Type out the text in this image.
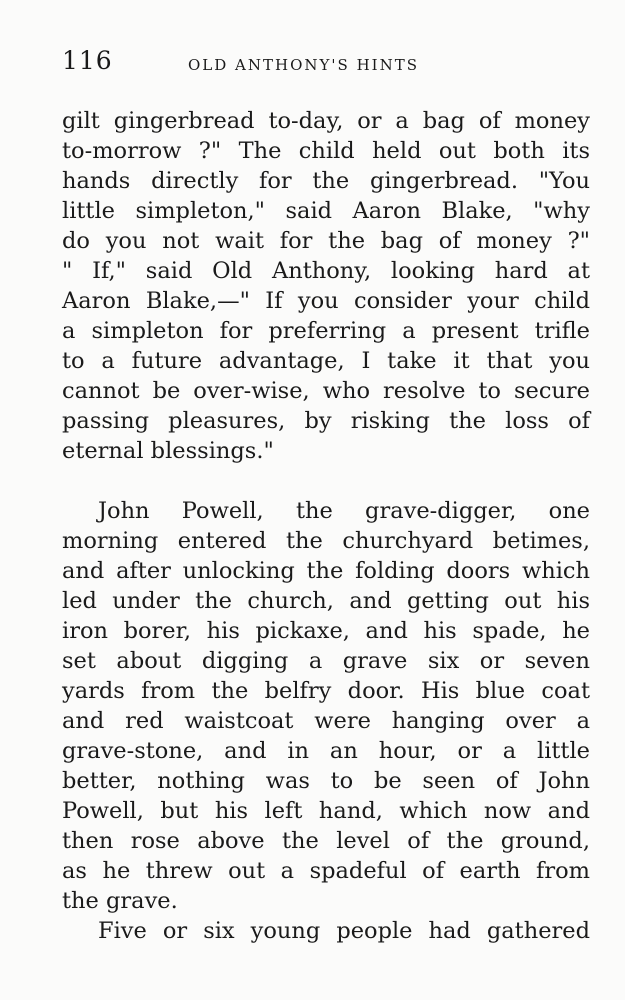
116	OLD ANTHONY'S HINTS
gilt gingerbread to-day, or a bag of money
to-morrow ?" The child held out both its
hands directly for the gingerbread. "You
little simpleton," said Aaron Blake, "why
do you not wait for the bag of money ?"
" If," said Old Anthony, looking hard at
Aaron Blake,—" If you consider your child
a simpleton for preferring a present trifle
to a future advantage, I take it that you
cannot be over-wise, who resolve to secure
passing pleasures, by risking the loss of
eternal blessings."
John Powell, the grave-digger, one
morning entered the churchyard betimes,
and after unlocking the folding doors which
led under the church, and getting out his
iron borer, his pickaxe, and his spade, he
set about digging a grave six or seven
yards from the belfry door. His blue coat
and red waistcoat were hanging over a
grave-stone, and in an hour, or a little
better, nothing was to be seen of John
Powell, but his left hand, which now and
then rose above the level of the ground,
as he threw out a spadeful of earth from
the grave.
Five or six young people had gathered
